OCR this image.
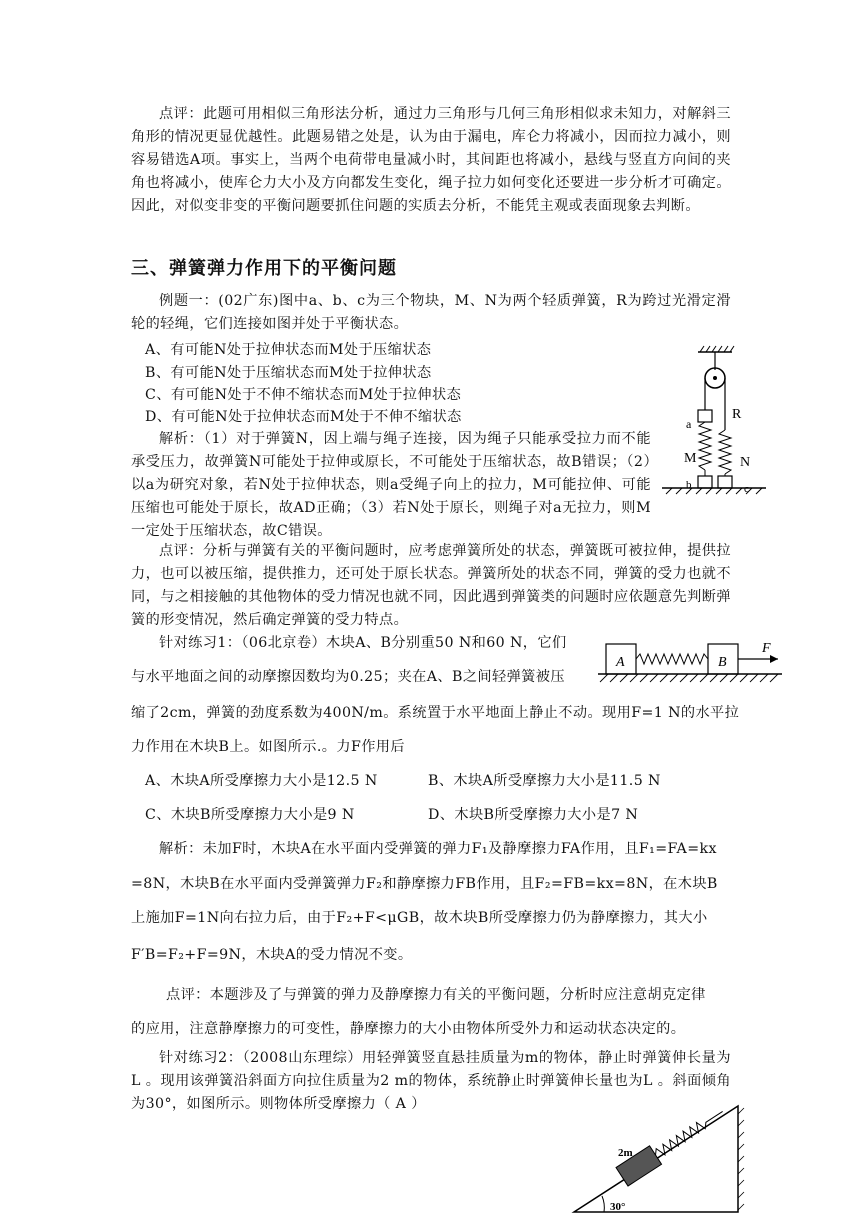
点评：此题可用相似三角形法分析，通过力三角形与几何三角形相似求未知力，对解斜三角形的情况更显优越性。此题易错之处是，认为由于漏电，库仑力将减小，因而拉力减小，则容易错选A项。事实上，当两个电荷带电量减小时，其间距也将减小，悬线与竖直方向间的夹角也将减小，使库仑力大小及方向都发生变化，绳子拉力如何变化还要进一步分析才可确定。因此，对似变非变的平衡问题要抓住问题的实质去分析，不能凭主观或表面现象去判断。
三、弹簧弹力作用下的平衡问题
例题一：(02广东)图中a、b、c为三个物块，M、N为两个轻质弹簧，R为跨过光滑定滑轮的轻绳，它们连接如图并处于平衡状态。
A、有可能N处于拉伸状态而M处于压缩状态
B、有可能N处于压缩状态而M处于拉伸状态
C、有可能N处于不伸不缩状态而M处于拉伸状态
D、有可能N处于拉伸状态而M处于不伸不缩状态
解析：（1）对于弹簧N，因上端与绳子连接，因为绳子只能承受拉力而不能承受压力，故弹簧N可能处于拉伸或原长，不可能处于压缩状态，故B错误；（2）以a为研究对象，若N处于拉伸状态，则a受绳子向上的拉力，M可能拉伸、可能压缩也可能处于原长，故AD正确；（3）若N处于原长，则绳子对a无拉力，则M一定处于压缩状态，故C错误。
a
R
M	N
b	c
点评：分析与弹簧有关的平衡问题时，应考虑弹簧所处的状态，弹簧既可被拉伸，提供拉力，也可以被压缩，提供推力，还可处于原长状态。弹簧所处的状态不同，弹簧的受力也就不同，与之相接触的其他物体的受力情况也就不同，因此遇到弹簧类的问题时应依题意先判断弹簧的形变情况，然后确定弹簧的受力特点。
针对练习1：（06北京卷）木块A、B分别重50 N和60 N，它们
与水平地面之间的动摩擦因数均为0.25；夹在A、B之间轻弹簧被压
缩了2cm，弹簧的劲度系数为400N/m。系统置于水平地面上静止不动。现用F=1 N的水平拉
力作用在木块B上。如图所示.。力F作用后
A	B
F
A、木块A所受摩擦力大小是12.5 N	B、木块A所受摩擦力大小是11.5 N
C、木块B所受摩擦力大小是9 N	D、木块B所受摩擦力大小是7 N
解析：未加F时，木块A在水平面内受弹簧的弹力F₁及静摩擦力FA作用，且F₁=FA=kx
=8N，木块B在水平面内受弹簧弹力F₂和静摩擦力FB作用，且F₂=FB=kx=8N，在木块B
上施加F=1N向右拉力后，由于F₂+F<μGB，故木块B所受摩擦力仍为静摩擦力，其大小
F′B=F₂+F=9N，木块A的受力情况不变。
点评：本题涉及了与弹簧的弹力及静摩擦力有关的平衡问题，分析时应注意胡克定律
的应用，注意静摩擦力的可变性，静摩擦力的大小由物体所受外力和运动状态决定的。
针对练习2：（2008山东理综）用轻弹簧竖直悬挂质量为m的物体，静止时弹簧伸长量为L 。现用该弹簧沿斜面方向拉住质量为2 m的物体，系统静止时弹簧伸长量也为L 。斜面倾角为30°，如图所示。则物体所受摩擦力（ A ）
2m
30°
